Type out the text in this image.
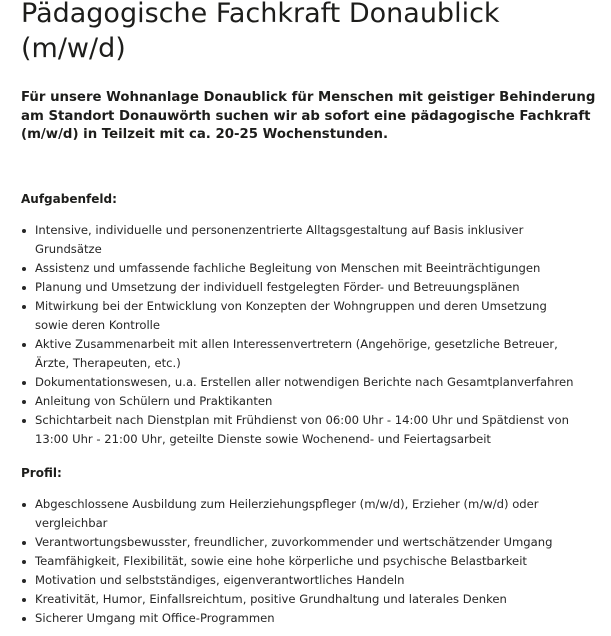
Pädagogische Fachkraft Donaublick (m/w/d)

Für unsere Wohnanlage Donaublick für Menschen mit geistiger Behinderung am Standort Donauwörth suchen wir ab sofort eine pädagogische Fachkraft (m/w/d) in Teilzeit mit ca. 20-25 Wochenstunden.

Aufgabenfeld:
Intensive, individuelle und personenzentrierte Alltagsgestaltung auf Basis inklusiver Grundsätze
Assistenz und umfassende fachliche Begleitung von Menschen mit Beeinträchtigungen
Planung und Umsetzung der individuell festgelegten Förder- und Betreuungsplänen
Mitwirkung bei der Entwicklung von Konzepten der Wohngruppen und deren Umsetzung sowie deren Kontrolle
Aktive Zusammenarbeit mit allen Interessenvertretern (Angehörige, gesetzliche Betreuer, Ärzte, Therapeuten, etc.)
Dokumentationswesen, u.a. Erstellen aller notwendigen Berichte nach Gesamtplanverfahren
Anleitung von Schülern und Praktikanten
Schichtarbeit nach Dienstplan mit Frühdienst von 06:00 Uhr - 14:00 Uhr und Spätdienst von 13:00 Uhr - 21:00 Uhr, geteilte Dienste sowie Wochenend- und Feiertagsarbeit
Profil:
Abgeschlossene Ausbildung zum Heilerziehungspfleger (m/w/d), Erzieher (m/w/d) oder vergleichbar
Verantwortungsbewusster, freundlicher, zuvorkommender und wertschätzender Umgang
Teamfähigkeit, Flexibilität, sowie eine hohe körperliche und psychische Belastbarkeit
Motivation und selbstständiges, eigenverantwortliches Handeln
Kreativität, Humor, Einfallsreichtum, positive Grundhaltung und laterales Denken
Sicherer Umgang mit Office-Programmen
